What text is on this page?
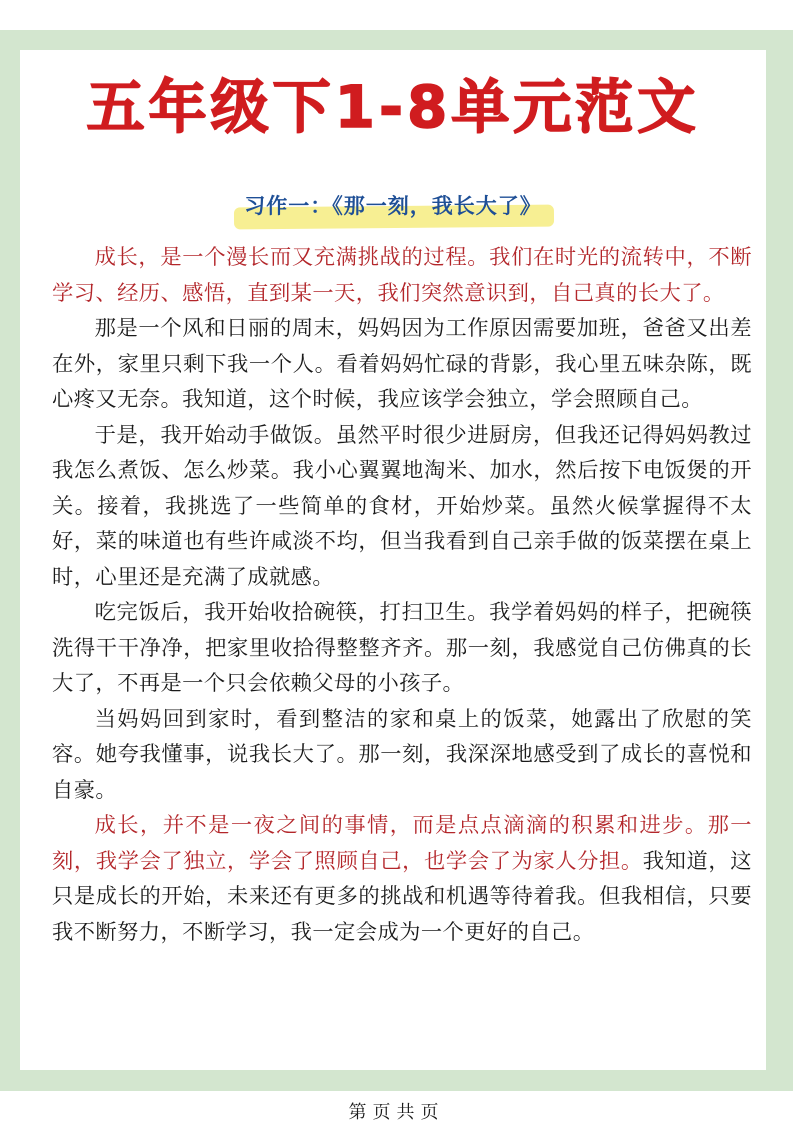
五年级下1-8单元范文
习作一：《那一刻，我长大了》

成长，是一个漫长而又充满挑战的过程。我们在时光的流转中，不断学习、经历、感悟，直到某一天，我们突然意识到，自己真的长大了。

那是一个风和日丽的周末，妈妈因为工作原因需要加班，爸爸又出差在外，家里只剩下我一个人。看着妈妈忙碌的背影，我心里五味杂陈，既心疼又无奈。我知道，这个时候，我应该学会独立，学会照顾自己。

于是，我开始动手做饭。虽然平时很少进厨房，但我还记得妈妈教过我怎么煮饭、怎么炒菜。我小心翼翼地淘米、加水，然后按下电饭煲的开关。接着，我挑选了一些简单的食材，开始炒菜。虽然火候掌握得不太好，菜的味道也有些许咸淡不均，但当我看到自己亲手做的饭菜摆在桌上时，心里还是充满了成就感。

吃完饭后，我开始收拾碗筷，打扫卫生。我学着妈妈的样子，把碗筷洗得干干净净，把家里收拾得整整齐齐。那一刻，我感觉自己仿佛真的长大了，不再是一个只会依赖父母的小孩子。

当妈妈回到家时，看到整洁的家和桌上的饭菜，她露出了欣慰的笑容。她夸我懂事，说我长大了。那一刻，我深深地感受到了成长的喜悦和自豪。

成长，并不是一夜之间的事情，而是点点滴滴的积累和进步。那一刻，我学会了独立，学会了照顾自己，也学会了为家人分担。我知道，这只是成长的开始，未来还有更多的挑战和机遇等待着我。但我相信，只要我不断努力，不断学习，我一定会成为一个更好的自己。

第页共页
